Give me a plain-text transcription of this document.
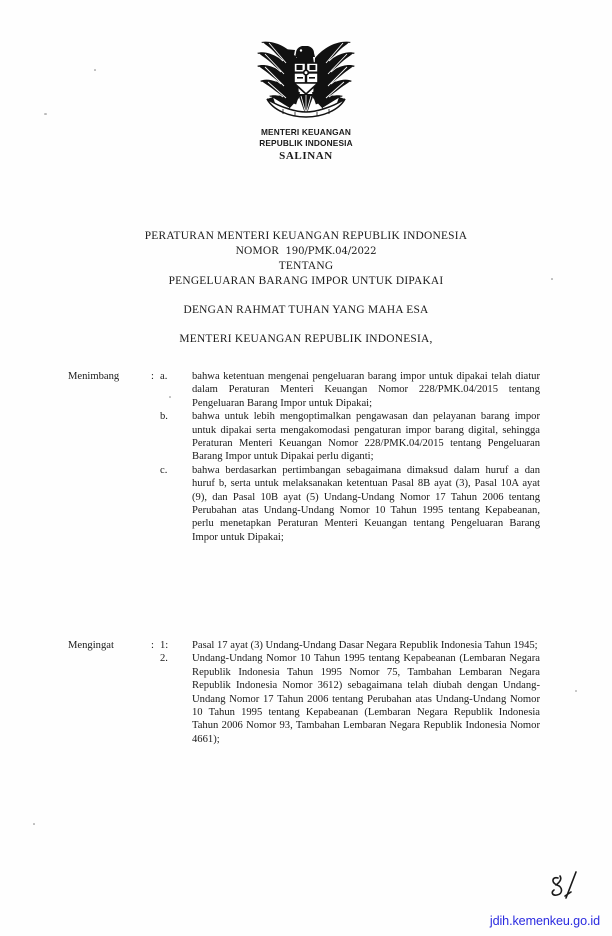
MENTERI KEUANGAN
REPUBLIK INDONESIA
SALINAN
PERATURAN MENTERI KEUANGAN REPUBLIK INDONESIA
NOMOR 190/PMK.04/2022
TENTANG
PENGELUARAN BARANG IMPOR UNTUK DIPAKAI
DENGAN RAHMAT TUHAN YANG MAHA ESA
MENTERI KEUANGAN REPUBLIK INDONESIA,
Menimbang	: a. bahwa ketentuan mengenai pengeluaran barang impor untuk dipakai telah diatur dalam Peraturan Menteri Keuangan Nomor 228/PMK.04/2015 tentang Pengeluaran Barang Impor untuk Dipakai;
b. bahwa untuk lebih mengoptimalkan pengawasan dan pelayanan barang impor untuk dipakai serta mengakomodasi pengaturan impor barang digital, sehingga Peraturan Menteri Keuangan Nomor 228/PMK.04/2015 tentang Pengeluaran Barang Impor untuk Dipakai perlu diganti;
c. bahwa berdasarkan pertimbangan sebagaimana dimaksud dalam huruf a dan huruf b, serta untuk melaksanakan ketentuan Pasal 8B ayat (3), Pasal 10A ayat (9), dan Pasal 10B ayat (5) Undang-Undang Nomor 17 Tahun 2006 tentang Perubahan atas Undang-Undang Nomor 10 Tahun 1995 tentang Kepabeanan, perlu menetapkan Peraturan Menteri Keuangan tentang Pengeluaran Barang Impor untuk Dipakai;
Mengingat	: 1: Pasal 17 ayat (3) Undang-Undang Dasar Negara Republik Indonesia Tahun 1945;
2. Undang-Undang Nomor 10 Tahun 1995 tentang Kepabeanan (Lembaran Negara Republik Indonesia Tahun 1995 Nomor 75, Tambahan Lembaran Negara Republik Indonesia Nomor 3612) sebagaimana telah diubah dengan Undang-Undang Nomor 17 Tahun 2006 tentang Perubahan atas Undang-Undang Nomor 10 Tahun 1995 tentang Kepabeanan (Lembaran Negara Republik Indonesia Tahun 2006 Nomor 93, Tambahan Lembaran Negara Republik Indonesia Nomor 4661);
jdih.kemenkeu.go.id
